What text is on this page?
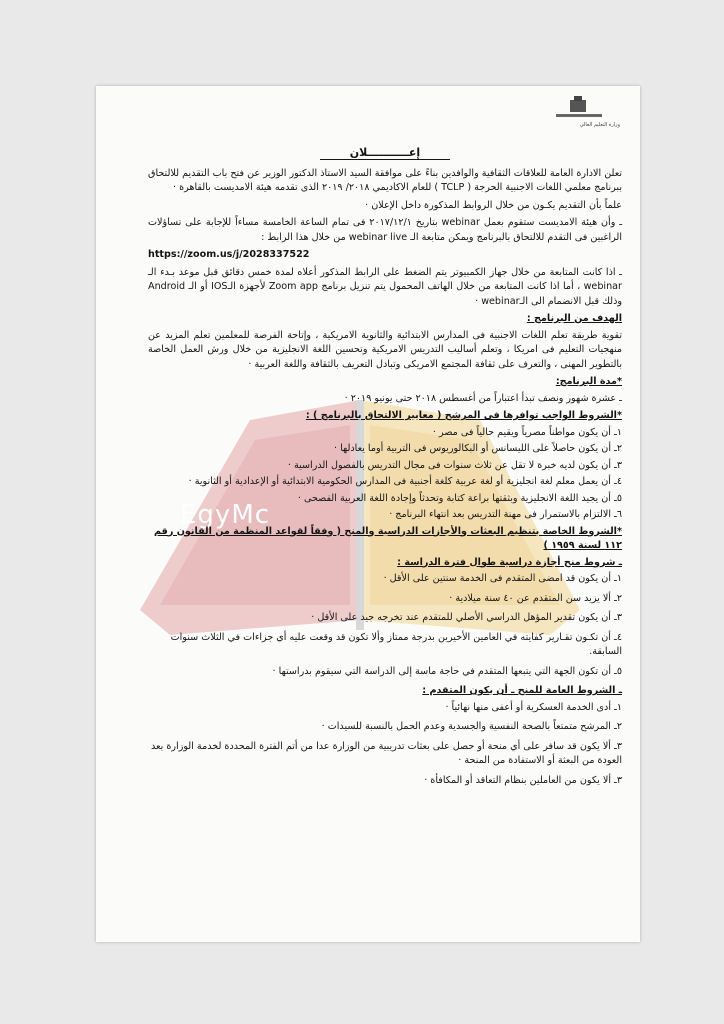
EgyMc
وزارة التعليم العالي
إعـــــــــــلان
تعلن الادارة العامة للعلاقات الثقافية والوافدين بناءً على موافقة السيد الاستاذ الدكتور الوزير عن فتح باب التقديم للالتحاق ببرنامج معلمي اللغات الاجنبية الحرجة ( TCLP ) للعام الاكاديمي ٢٠١٨/ ٢٠١٩ الذى تقدمه هيئة الامديست بالقاهرة ·
علماً بأن التقديم يكـون من خلال الروابط المذكورة داخل الإعلان ·
ـ وأن هيئة الامديست ستقوم بعمل webinar بتاريخ ٢٠١٧/١٢/١ فى تمام الساعة الخامسة مساءاً للإجابة على تساؤلات الراغبين فى التقدم للالتحاق بالبرنامج ويمكن متابعة الـ webinar live من خلال هذا الرابط :
https://zoom.us/j/2028337522
ـ اذا كانت المتابعة من خلال جهاز الكمبيوتر يتم الضغط على الرابط المذكور أعلاه لمدة خمس دقائق قبل موعد بـدء الـ webinar ، أما اذا كانت المتابعة من خلال الهاتف المحمول يتم تنزيل برنامج Zoom app لأجهزة الـIOS أو الـ Android وذلك قبل الانضمام الى الـwebinar ·
الهدف من البرنامج :
تقوية طريقة تعلم اللغات الاجنبية فى المدارس الابتدائية والثانوية الامريكية ، وإتاحة الفرصة للمعلمين تعلم المزيد عن منهجيات التعليم فى امريكا ، وتعلم أساليب التدريس الامريكية وتحسين اللغة الانجليزية من خلال ورش العمل الخاصة بالتطوير المهنى ، والتعرف على ثقافة المجتمع الامريكى وتبادل التعريف بالثقافة واللغة العربية ·
*مدة البرنامج:
ـ عشرة شهور ونصف تبدأ اعتباراً من أغسطس ٢٠١٨ حتى يونيو ٢٠١٩ ·
*الشروط الواجب توافرها فى المرشح ( معايير الالتحاق بالبرنامج ) :
١ـ أن يكون مواطناً مصرياً ويقيم حالياً فى مصر ·
٢ـ أن يكون حاصلاً على الليسانس أو البكالوريوس فى التربية أوما يعادلها ·
٣ـ أن يكون لديه خبرة لا تقل عن ثلاث سنوات فى مجال التدريس بالفصول الدراسية ·
٤ـ أن يعمل معلم لغة انجليزية أو لغة عربية كلغة أجنبية فى المدارس الحكومية الابتدائية أو الإعدادية أو الثانوية ·
٥ـ أن يجيد اللغة الانجليزية وبثقتها براعة كتابة وتحدثاً وإجادة اللغة العربية الفصحى ·
٦ـ الالتزام بالاستمرار فى مهنة التدريس بعد انتهاء البرنامج ·
*الشروط الخاصة بتنظيم البعثات والأجازات الدراسية والمنح ( وفقاً لقواعد المنظمة من القانون رقم ١١٢ لسنة ١٩٥٩ )
ـ شروط منح أجازة دراسية طوال فترة الدراسة :
١ـ أن يكون قد امضى المتقدم فى الخدمة سنتين على الأقل ·
٢ـ ألا يزيد سن المتقدم عن ٤٠ سنة ميلادية ·
٣ـ أن يكون تقدير المؤهل الدراسي الأصلي للمتقدم عند تخرجه جيد على الأقل ·
٤ـ أن تكـون تقـارير كفايته في العامين الأخيرين بدرجة ممتاز وألا تكون قد وقعت عليه أي جزاءات في الثلاث سنوات السابقة.
٥ـ أن تكون الجهة التي يتبعها المتقدم في حاجة ماسة إلى الدراسة التي سيقوم بدراستها ·
ـ الشروط العامة للمنح ـ أن يكون المتقدم :
١ـ أدى الخدمة العسكرية أو أعفى منها نهائياً ·
٢ـ المرشح متمتعاً بالصحة النفسية والجسدية وعدم الحمل بالنسبة للسيدات ·
٣ـ ألا يكون قد سافر على أي منحة أو حصل على بعثات تدريبية من الوزارة عدا من أتم الفترة المحددة لخدمة الوزارة بعد العودة من البعثة أو الاستفادة من المنحة ·
٣ـ ألا يكون من العاملين بنظام التعاقد أو المكافأة ·
